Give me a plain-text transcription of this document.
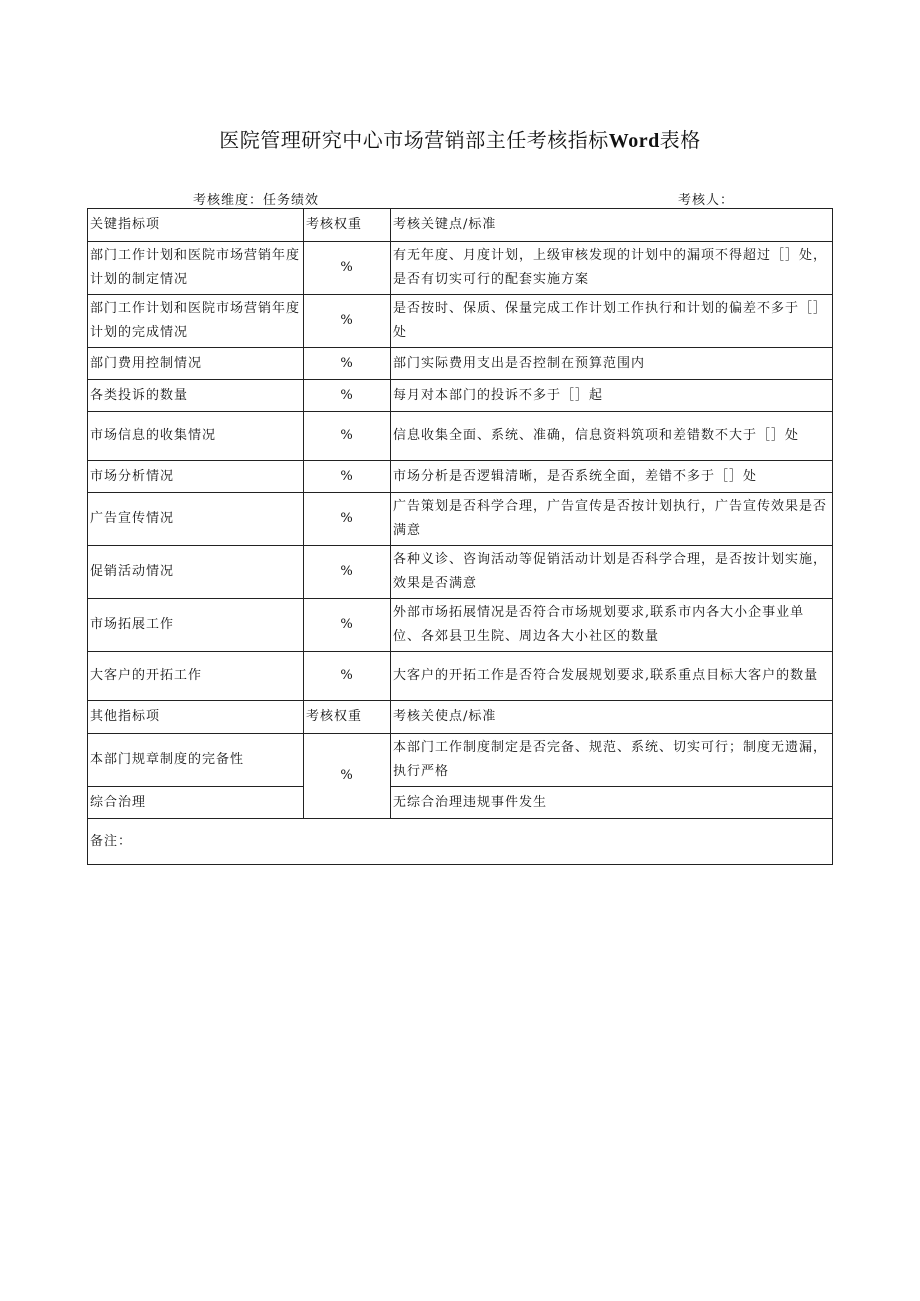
医院管理研究中心市场营销部主任考核指标Word表格
考核维度：任务绩效	考核人：
关键指标项	考核权重	考核关键点/标准
部门工作计划和医院市场营销年度计划的制定情况	%	有无年度、月度计划，上级审核发现的计划中的漏项不得超过［］处，是否有切实可行的配套实施方案
部门工作计划和医院市场营销年度计划的完成情况	%	是否按时、保质、保量完成工作计划工作执行和计划的偏差不多于［］处
部门费用控制情况	%	部门实际费用支出是否控制在预算范围内
各类投诉的数量	%	每月对本部门的投诉不多于［］起
市场信息的收集情况	%	信息收集全面、系统、准确，信息资料筑项和差错数不大于［］处
市场分析情况	%	市场分析是否逻辑清晰，是否系统全面，差错不多于［］处
广告宣传情况	%	广告策划是否科学合理，广告宣传是否按计划执行，广告宣传效果是否满意
促销活动情况	%	各种义诊、咨询活动等促销活动计划是否科学合理，是否按计划实施，效果是否满意
市场拓展工作	%	外部市场拓展情况是否符合市场规划要求,联系市内各大小企事业单位、各郊县卫生院、周边各大小社区的数量
大客户的开拓工作	%	大客户的开拓工作是否符合发展规划要求,联系重点目标大客户的数量
其他指标项	考核权重	考核关使点/标准
本部门规章制度的完备性	%	本部门工作制度制定是否完备、规范、系统、切实可行；制度无遗漏，执行严格
综合治理		无综合治理违规事件发生
备注：		
